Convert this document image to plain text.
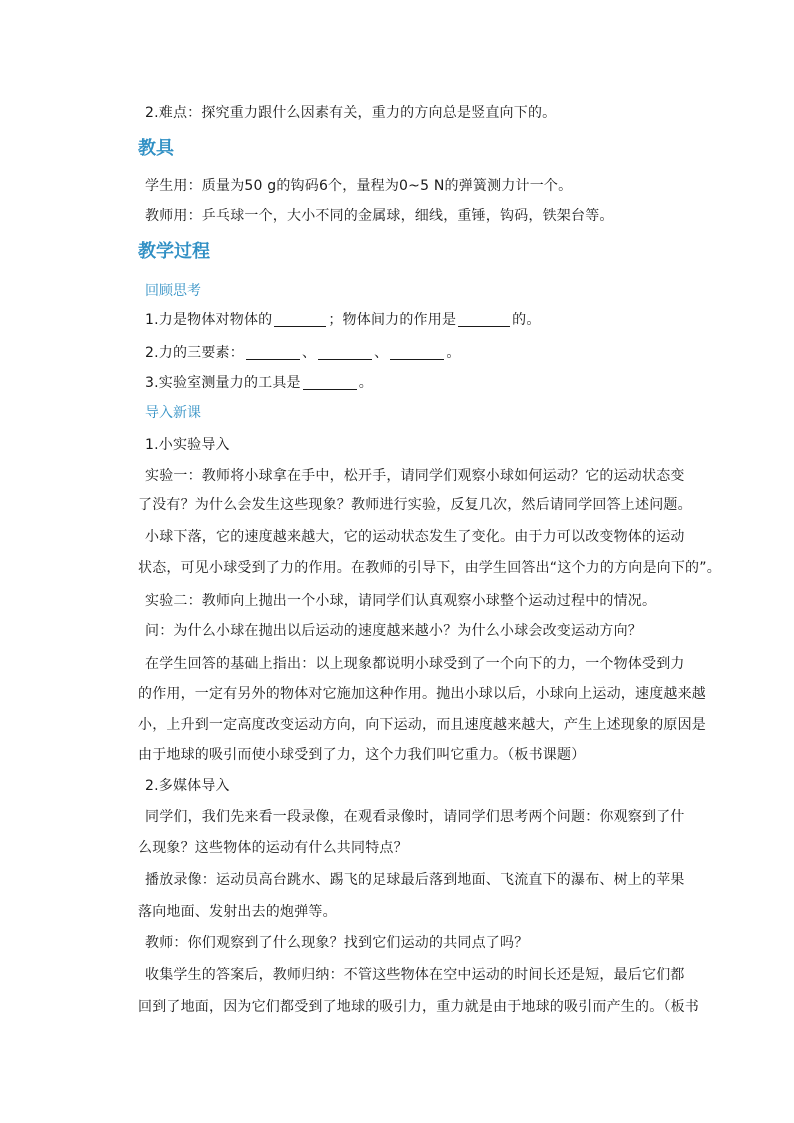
2.难点：探究重力跟什么因素有关，重力的方向总是竖直向下的。
教具
学生用：质量为50 g的钩码6个，量程为0~5 N的弹簧测力计一个。
教师用：乒乓球一个，大小不同的金属球，细线，重锤，钩码，铁架台等。
教学过程
回顾思考
1.力是物体对物体的	；物体间力的作用是	的。
2.力的三要素：	、	、	。
3.实验室测量力的工具是	。
导入新课
1.小实验导入
实验一：教师将小球拿在手中，松开手，请同学们观察小球如何运动？它的运动状态变
了没有？为什么会发生这些现象？教师进行实验，反复几次，然后请同学回答上述问题。
小球下落，它的速度越来越大，它的运动状态发生了变化。由于力可以改变物体的运动
状态，可见小球受到了力的作用。在教师的引导下，由学生回答出“这个力的方向是向下的”。
实验二：教师向上抛出一个小球，请同学们认真观察小球整个运动过程中的情况。
问：为什么小球在抛出以后运动的速度越来越小？为什么小球会改变运动方向？
在学生回答的基础上指出：以上现象都说明小球受到了一个向下的力，一个物体受到力
的作用，一定有另外的物体对它施加这种作用。抛出小球以后，小球向上运动，速度越来越
小，上升到一定高度改变运动方向，向下运动，而且速度越来越大，产生上述现象的原因是
由于地球的吸引而使小球受到了力，这个力我们叫它重力。（板书课题）
2.多媒体导入
同学们，我们先来看一段录像，在观看录像时，请同学们思考两个问题：你观察到了什
么现象？这些物体的运动有什么共同特点？
播放录像：运动员高台跳水、踢飞的足球最后落到地面、飞流直下的瀑布、树上的苹果
落向地面、发射出去的炮弹等。
教师：你们观察到了什么现象？找到它们运动的共同点了吗？
收集学生的答案后，教师归纳：不管这些物体在空中运动的时间长还是短，最后它们都
回到了地面，因为它们都受到了地球的吸引力，重力就是由于地球的吸引而产生的。（板书
